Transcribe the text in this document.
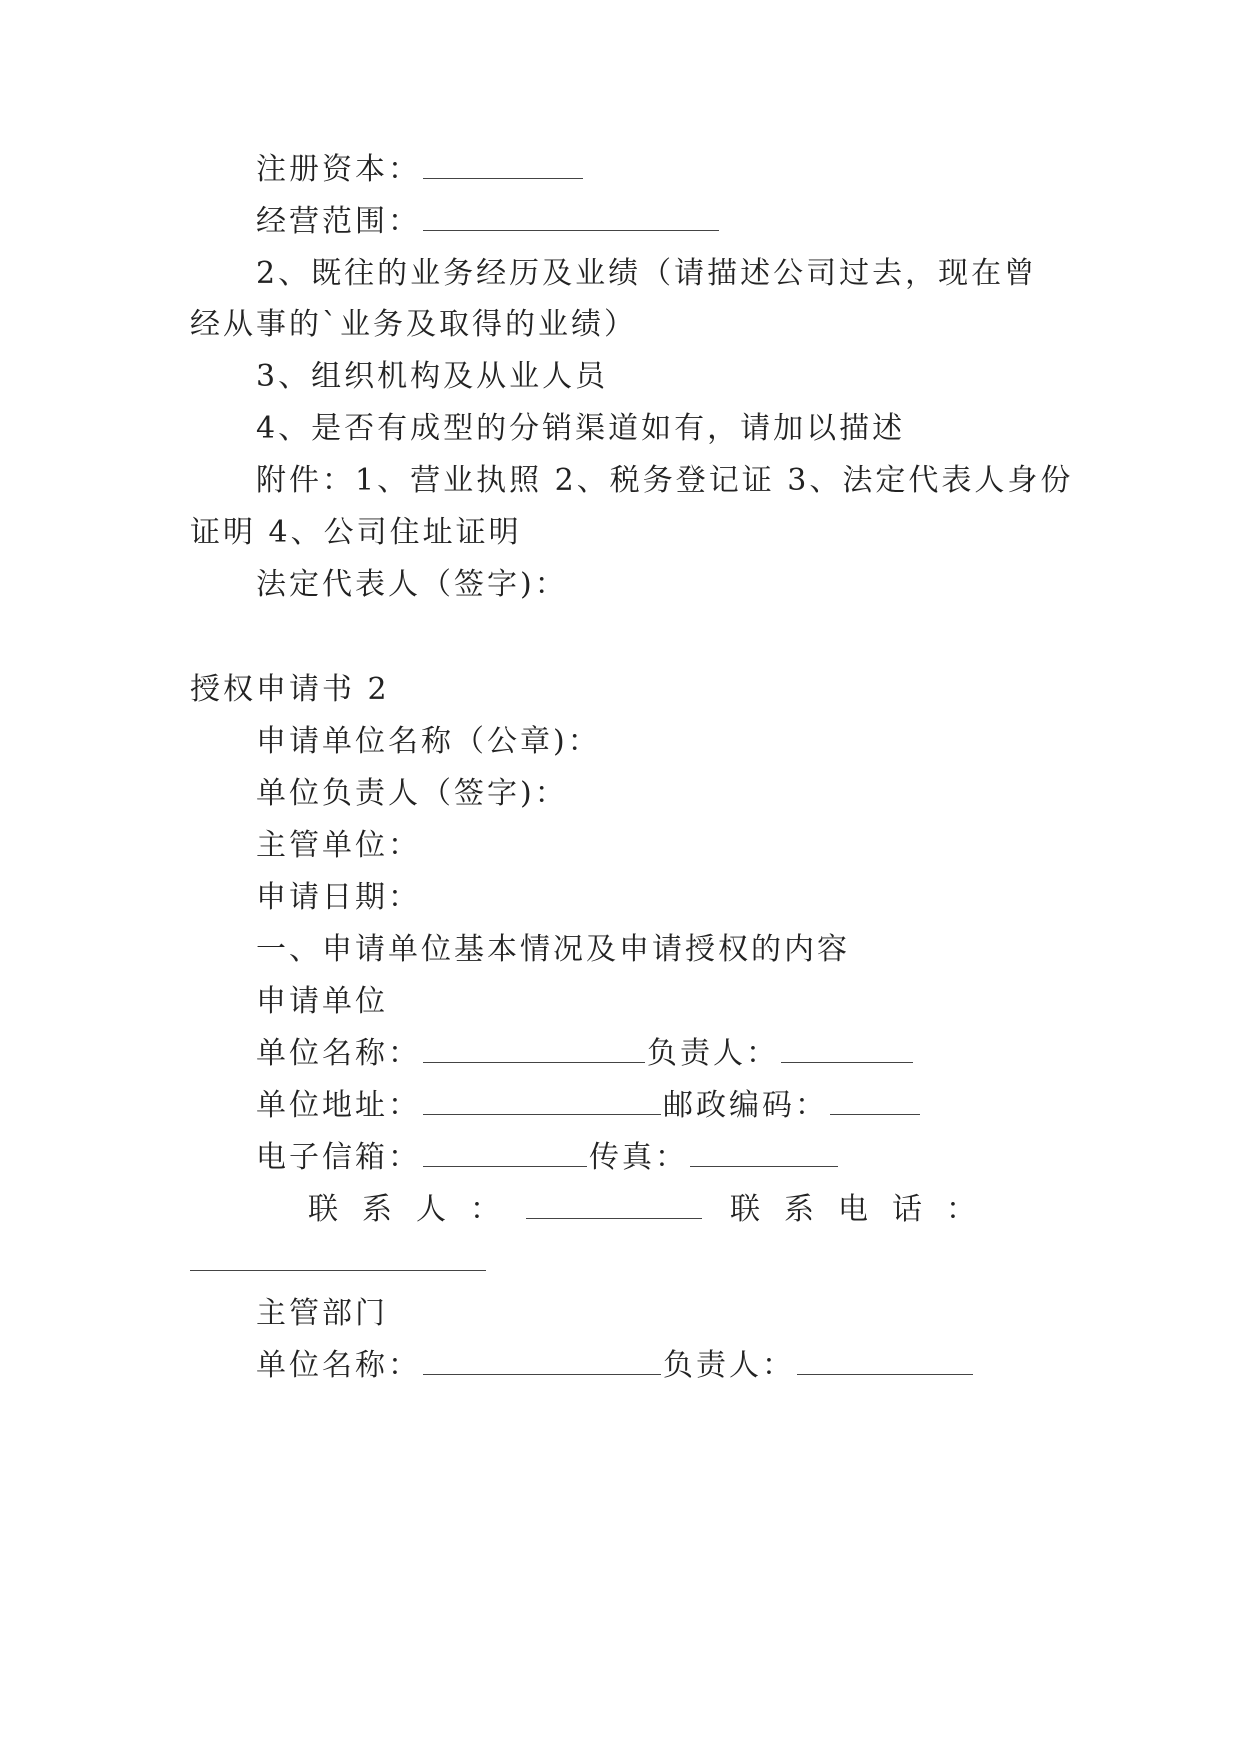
注册资本：
经营范围：
2、既往的业务经历及业绩（请描述公司过去，现在曾
经从事的`业务及取得的业绩）
3、组织机构及从业人员
4、是否有成型的分销渠道如有，请加以描述
附件：1、营业执照 2、税务登记证 3、法定代表人身份
证明 4、公司住址证明
法定代表人（签字)：
授权申请书 2
申请单位名称（公章)：
单位负责人（签字)：
主管单位：
申请日期：
一、申请单位基本情况及申请授权的内容
申请单位
单位名称：	负责人：
单位地址：	邮政编码：
电子信箱：	传真：
联系人：	联系电话：
主管部门
单位名称：	负责人：
